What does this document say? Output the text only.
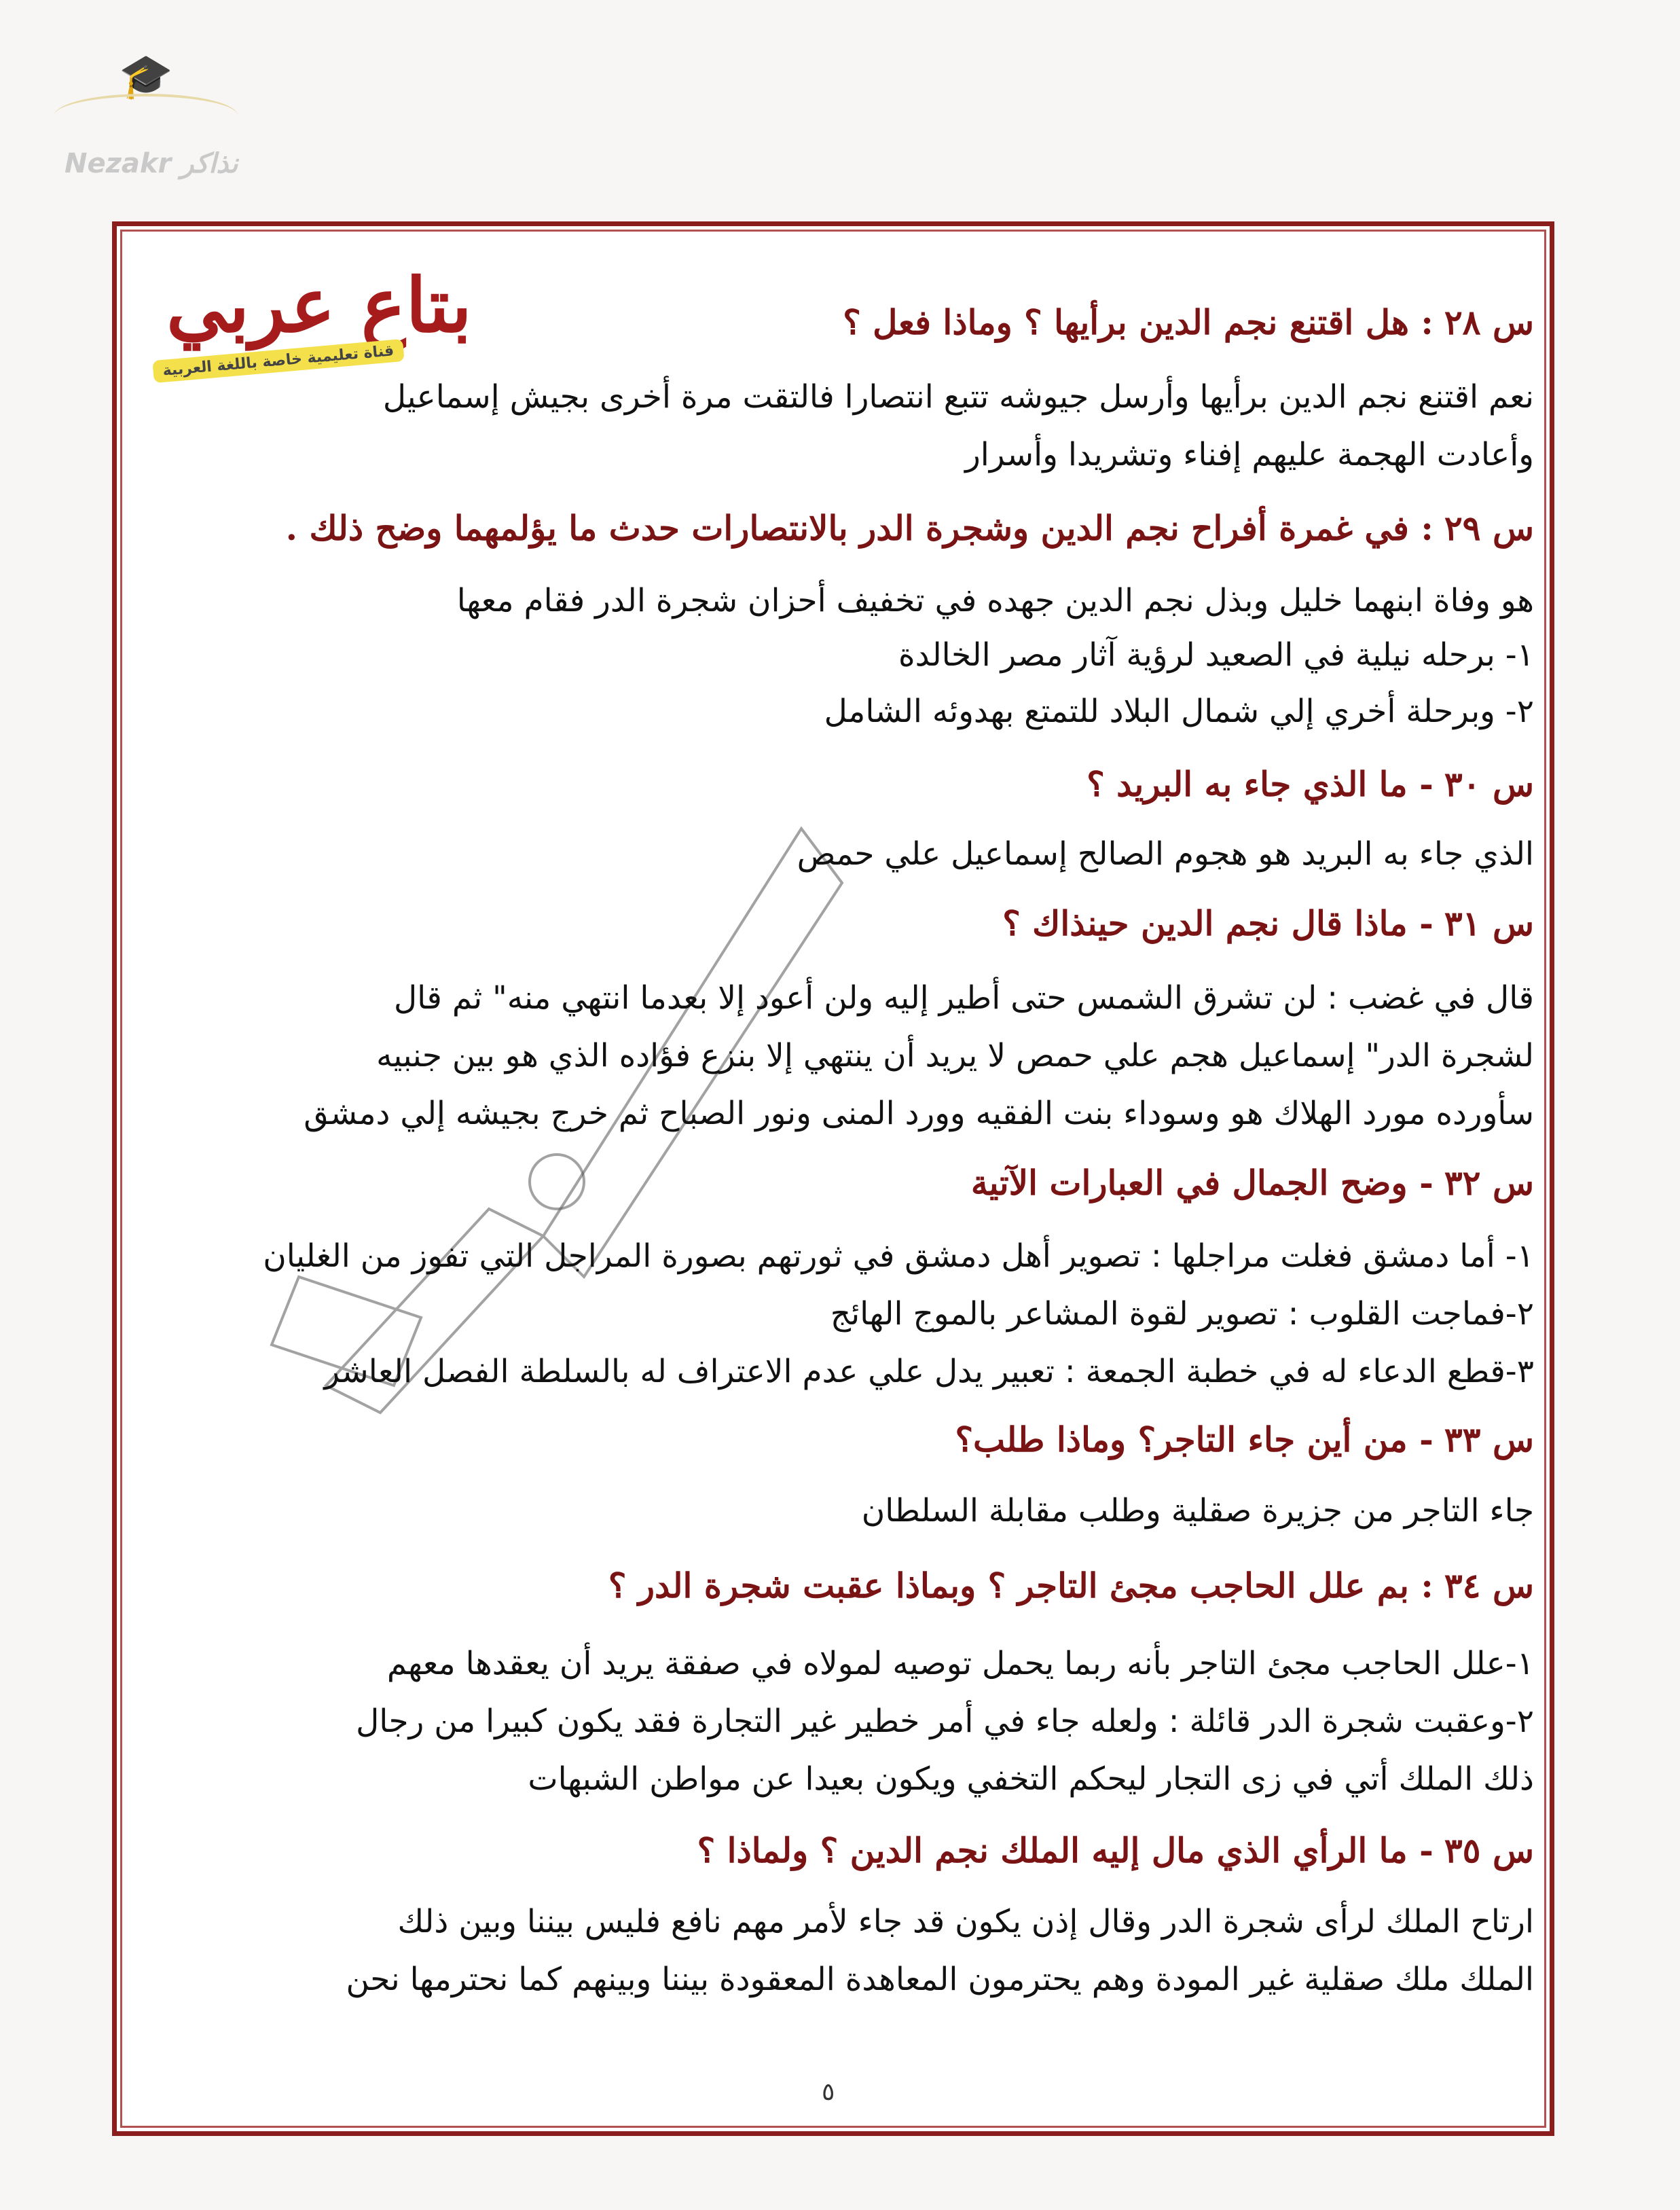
🎓
Nezakr نذاكر
بتاع عربي
قناة تعليمية خاصة باللغة العربية
س ٢٨: هل اقتنع نجم الدين برأيها ؟ وماذا فعل ؟
نعم اقتنع نجم الدين برأيها وأرسل جيوشه تتبع انتصارا فالتقت مرة أخرى بجيش إسماعيل
وأعادت الهجمة عليهم إفناء وتشريدا وأسرار
س ٢٩: في غمرة أفراح نجم الدين وشجرة الدر بالانتصارات حدث ما يؤلمهما وضح ذلك .
هو وفاة ابنهما خليل وبذل نجم الدين جهده في تخفيف أحزان شجرة الدر فقام معها
١- برحله نيلية في الصعيد لرؤية آثار مصر الخالدة
٢- وبرحلة أخري إلي شمال البلاد للتمتع بهدوئه الشامل
س ٣٠- ما الذي جاء به البريد ؟
الذي جاء به البريد هو هجوم الصالح إسماعيل علي حمص
س ٣١- ماذا قال نجم الدين حينذاك ؟
قال في غضب : لن تشرق الشمس حتى أطير إليه ولن أعود إلا بعدما انتهي منه" ثم قال
لشجرة الدر" إسماعيل هجم علي حمص لا يريد أن ينتهي إلا بنزع فؤاده الذي هو بين جنبيه
سأورده مورد الهلاك هو وسوداء بنت الفقيه وورد المنى ونور الصباح ثم خرج بجيشه إلي دمشق
س ٣٢- وضح الجمال في العبارات الآتية
١- أما دمشق فغلت مراجلها : تصوير أهل دمشق في ثورتهم بصورة المراجل التي تفوز من الغليان
٢-فماجت القلوب : تصوير لقوة المشاعر بالموج الهائج
٣-قطع الدعاء له في خطبة الجمعة : تعبير يدل علي عدم الاعتراف له بالسلطة الفصل العاشر
س ٣٣- من أين جاء التاجر؟ وماذا طلب؟
جاء التاجر من جزيرة صقلية وطلب مقابلة السلطان
س ٣٤: بم علل الحاجب مجئ التاجر ؟ وبماذا عقبت شجرة الدر ؟
١-علل الحاجب مجئ التاجر بأنه ربما يحمل توصيه لمولاه في صفقة يريد أن يعقدها معهم
٢-وعقبت شجرة الدر قائلة : ولعله جاء في أمر خطير غير التجارة فقد يكون كبيرا من رجال
ذلك الملك أتي في زى التجار ليحكم التخفي ويكون بعيدا عن مواطن الشبهات
س ٣٥- ما الرأي الذي مال إليه الملك نجم الدين ؟ ولماذا ؟
ارتاح الملك لرأى شجرة الدر وقال إذن يكون قد جاء لأمر مهم نافع فليس بيننا وبين ذلك
الملك ملك صقلية غير المودة وهم يحترمون المعاهدة المعقودة بيننا وبينهم كما نحترمها نحن
٥
